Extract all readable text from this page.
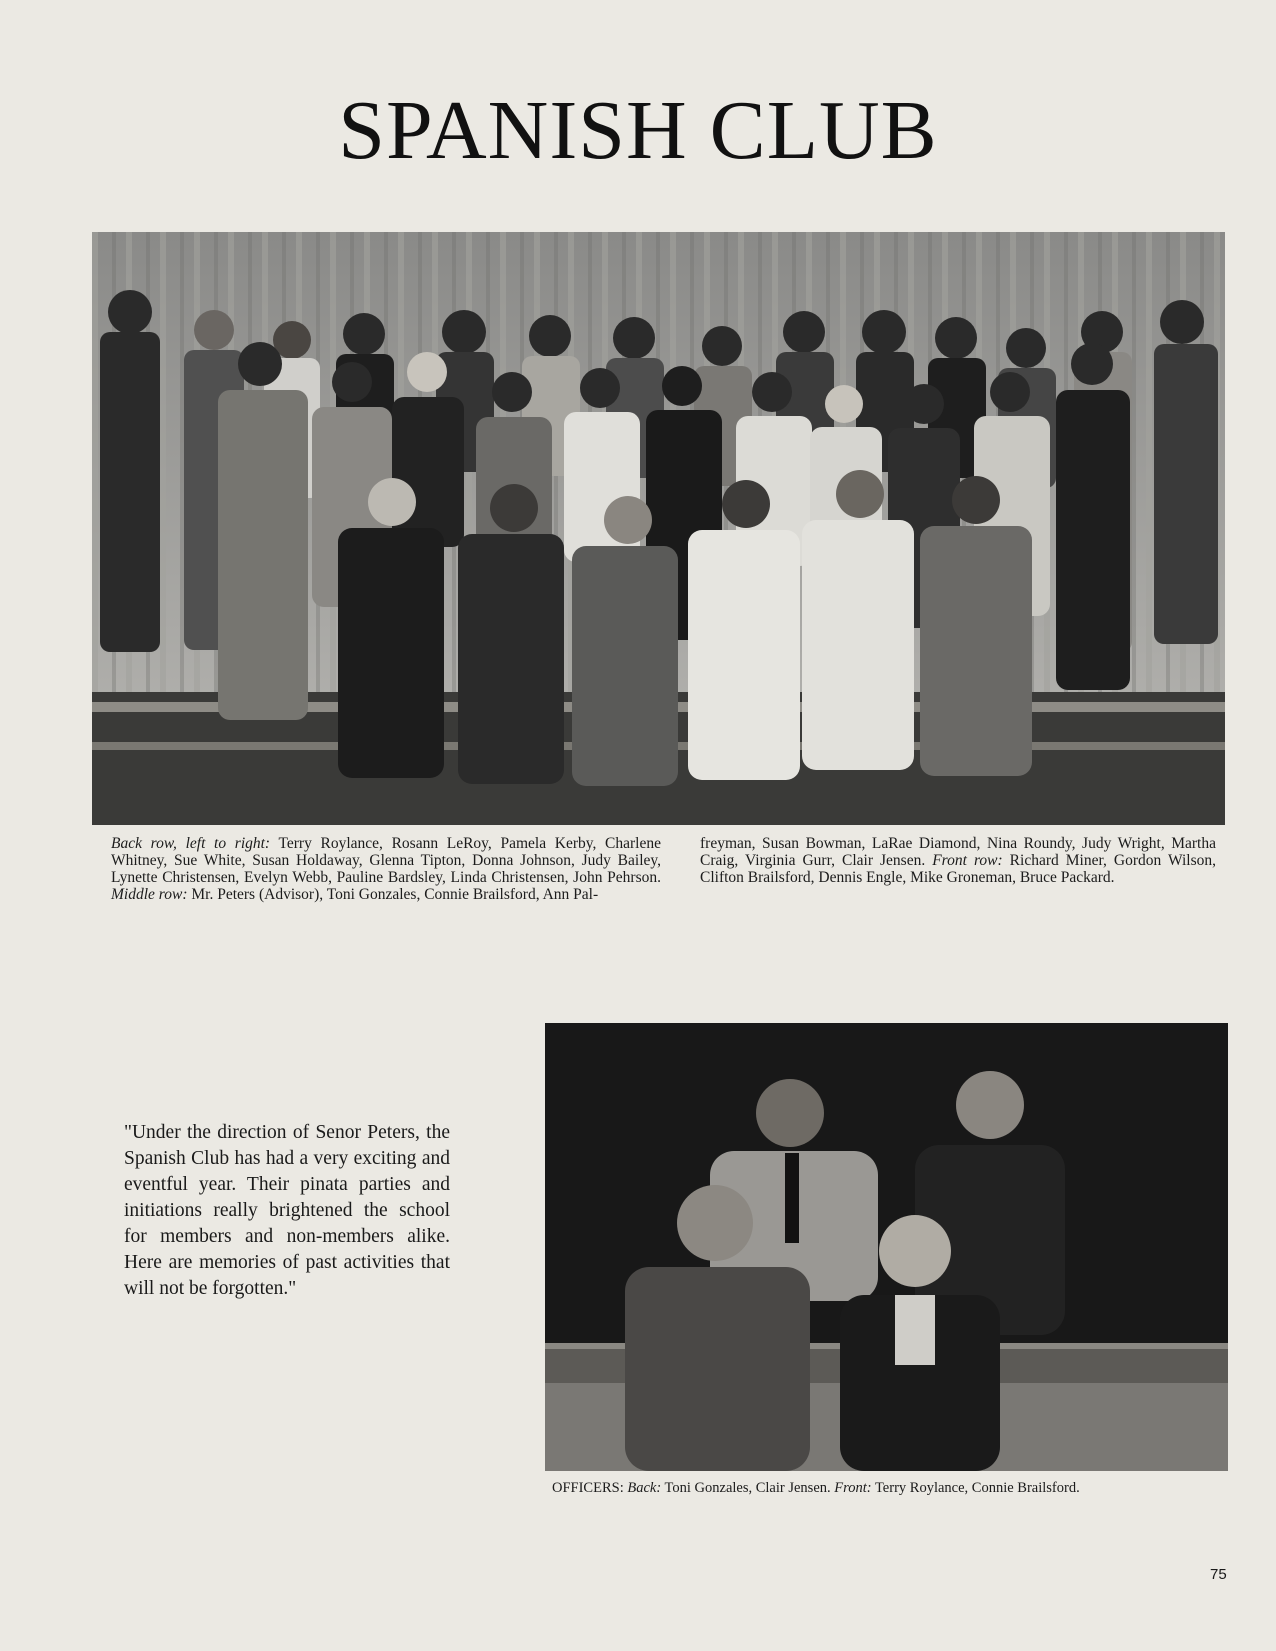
SPANISH CLUB
Back row, left to right: Terry Roylance, Rosann LeRoy, Pamela Kerby, Charlene Whitney, Sue White, Susan Holdaway, Glenna Tipton, Donna Johnson, Judy Bailey, Lynette Christensen, Evelyn Webb, Pauline Bardsley, Linda Christensen, John Pehrson. Middle row: Mr. Peters (Advisor), Toni Gonzales, Connie Brailsford, Ann Pal-
freyman, Susan Bowman, LaRae Diamond, Nina Roundy, Judy Wright, Martha Craig, Virginia Gurr, Clair Jensen. Front row: Richard Miner, Gordon Wilson, Clifton Brailsford, Dennis Engle, Mike Groneman, Bruce Packard.
"Under the direction of Senor Peters, the Spanish Club has had a very exciting and eventful year. Their pinata parties and initiations really brightened the school for members and non-members alike. Here are memories of past activities that will not be forgotten."
OFFICERS: Back: Toni Gonzales, Clair Jensen. Front: Terry Roylance, Connie Brailsford.
75
